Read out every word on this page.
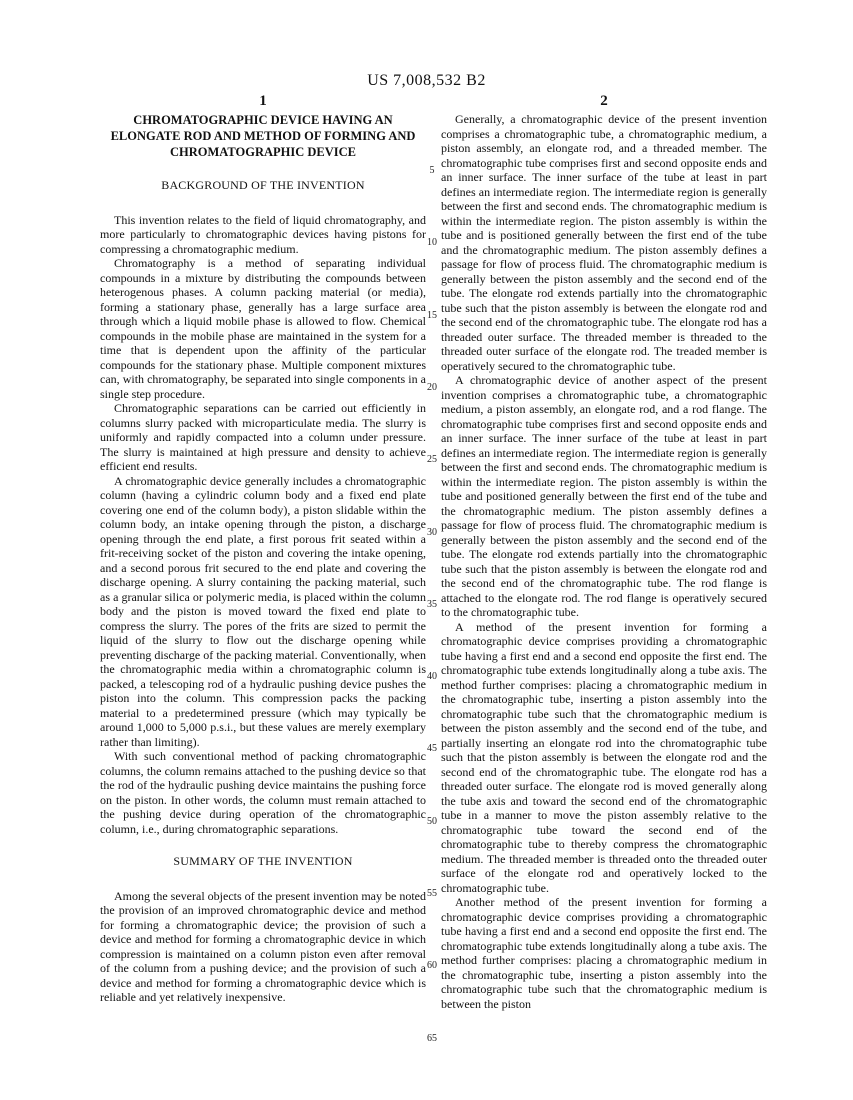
US 7,008,532 B2
1
CHROMATOGRAPHIC DEVICE HAVING AN ELONGATE ROD AND METHOD OF FORMING AND CHROMATOGRAPHIC DEVICE
BACKGROUND OF THE INVENTION

This invention relates to the field of liquid chromatography, and more particularly to chromatographic devices having pistons for compressing a chromatographic medium.

Chromatography is a method of separating individual compounds in a mixture by distributing the compounds between heterogenous phases. A column packing material (or media), forming a stationary phase, generally has a large surface area through which a liquid mobile phase is allowed to flow. Chemical compounds in the mobile phase are maintained in the system for a time that is dependent upon the affinity of the particular compounds for the stationary phase. Multiple component mixtures can, with chromatography, be separated into single components in a single step procedure.

Chromatographic separations can be carried out efficiently in columns slurry packed with microparticulate media. The slurry is uniformly and rapidly compacted into a column under pressure. The slurry is maintained at high pressure and density to achieve efficient end results.

A chromatographic device generally includes a chromatographic column (having a cylindric column body and a fixed end plate covering one end of the column body), a piston slidable within the column body, an intake opening through the piston, a discharge opening through the end plate, a first porous frit seated within a frit-receiving socket of the piston and covering the intake opening, and a second porous frit secured to the end plate and covering the discharge opening. A slurry containing the packing material, such as a granular silica or polymeric media, is placed within the column body and the piston is moved toward the fixed end plate to compress the slurry. The pores of the frits are sized to permit the liquid of the slurry to flow out the discharge opening while preventing discharge of the packing material. Conventionally, when the chromatographic media within a chromatographic column is packed, a telescoping rod of a hydraulic pushing device pushes the piston into the column. This compression packs the packing material to a predetermined pressure (which may typically be around 1,000 to 5,000 p.s.i., but these values are merely exemplary rather than limiting).

With such conventional method of packing chromatographic columns, the column remains attached to the pushing device so that the rod of the hydraulic pushing device maintains the pushing force on the piston. In other words, the column must remain attached to the pushing device during operation of the chromatographic column, i.e., during chromatographic separations.

SUMMARY OF THE INVENTION

Among the several objects of the present invention may be noted the provision of an improved chromatographic device and method for forming a chromatographic device; the provision of such a device and method for forming a chromatographic device in which compression is maintained on a column piston even after removal of the column from a pushing device; and the provision of such a device and method for forming a chromatographic device which is reliable and yet relatively inexpensive.

2

Generally, a chromatographic device of the present invention comprises a chromatographic tube, a chromatographic medium, a piston assembly, an elongate rod, and a threaded member. The chromatographic tube comprises first and second opposite ends and an inner surface. The inner surface of the tube at least in part defines an intermediate region. The intermediate region is generally between the first and second ends. The chromatographic medium is within the intermediate region. The piston assembly is within the tube and is positioned generally between the first end of the tube and the chromatographic medium. The piston assembly defines a passage for flow of process fluid. The chromatographic medium is generally between the piston assembly and the second end of the tube. The elongate rod extends partially into the chromatographic tube such that the piston assembly is between the elongate rod and the second end of the chromatographic tube. The elongate rod has a threaded outer surface. The threaded member is threaded to the threaded outer surface of the elongate rod. The treaded member is operatively secured to the chromatographic tube.

A chromatographic device of another aspect of the present invention comprises a chromatographic tube, a chromatographic medium, a piston assembly, an elongate rod, and a rod flange. The chromatographic tube comprises first and second opposite ends and an inner surface. The inner surface of the tube at least in part defines an intermediate region. The intermediate region is generally between the first and second ends. The chromatographic medium is within the intermediate region. The piston assembly is within the tube and positioned generally between the first end of the tube and the chromatographic medium. The piston assembly defines a passage for flow of process fluid. The chromatographic medium is generally between the piston assembly and the second end of the tube. The elongate rod extends partially into the chromatographic tube such that the piston assembly is between the elongate rod and the second end of the chromatographic tube. The rod flange is attached to the elongate rod. The rod flange is operatively secured to the chromatographic tube.

A method of the present invention for forming a chromatographic device comprises providing a chromatographic tube having a first end and a second end opposite the first end. The chromatographic tube extends longitudinally along a tube axis. The method further comprises: placing a chromatographic medium in the chromatographic tube, inserting a piston assembly into the chromatographic tube such that the chromatographic medium is between the piston assembly and the second end of the tube, and partially inserting an elongate rod into the chromatographic tube such that the piston assembly is between the elongate rod and the second end of the chromatographic tube. The elongate rod has a threaded outer surface. The elongate rod is moved generally along the tube axis and toward the second end of the chromatographic tube in a manner to move the piston assembly relative to the chromatographic tube toward the second end of the chromatographic tube to thereby compress the chromatographic medium. The threaded member is threaded onto the threaded outer surface of the elongate rod and operatively locked to the chromatographic tube.

Another method of the present invention for forming a chromatographic device comprises providing a chromatographic tube having a first end and a second end opposite the first end. The chromatographic tube extends longitudinally along a tube axis. The method further comprises: placing a chromatographic medium in the chromatographic tube, inserting a piston assembly into the chromatographic tube such that the chromatographic medium is between the piston

5
10
15
20
25
30
35
40
45
50
55
60
65
